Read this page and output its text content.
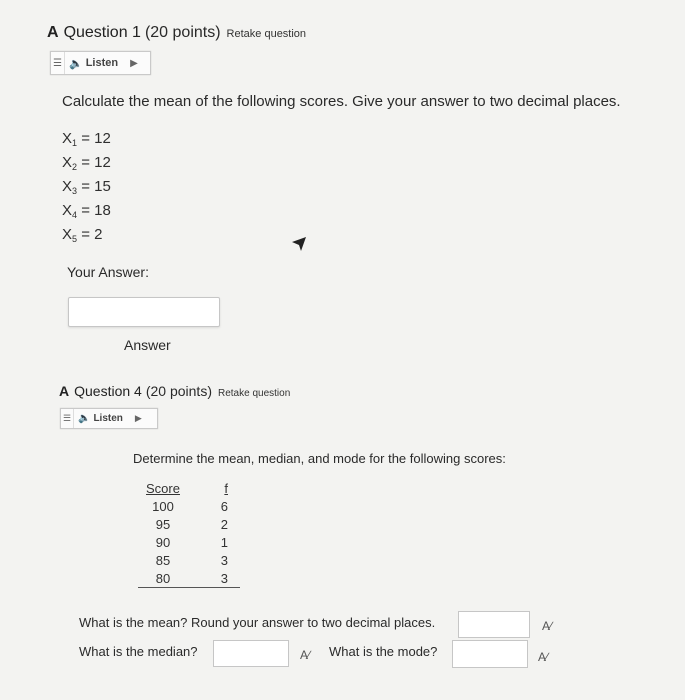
A Question 1 (20 points) Retake question
☰ 🔈 Listen ▶
Calculate the mean of the following scores. Give your answer to two decimal places.
$X_1 = 12$
$X_2 = 12$
$X_3 = 15$
$X_4 = 18$
$X_5 = 2$
Your Answer:
Answer
A Question 4 (20 points) Retake question
☰ 🔈 Listen ▶
Determine the mean, median, and mode for the following scores:
Score	f
100	6
95	2
90	1
85	3
80	3
What is the mean? Round your answer to two decimal places.	A∕
What is the median?	A∕ What is the mode?	A∕
